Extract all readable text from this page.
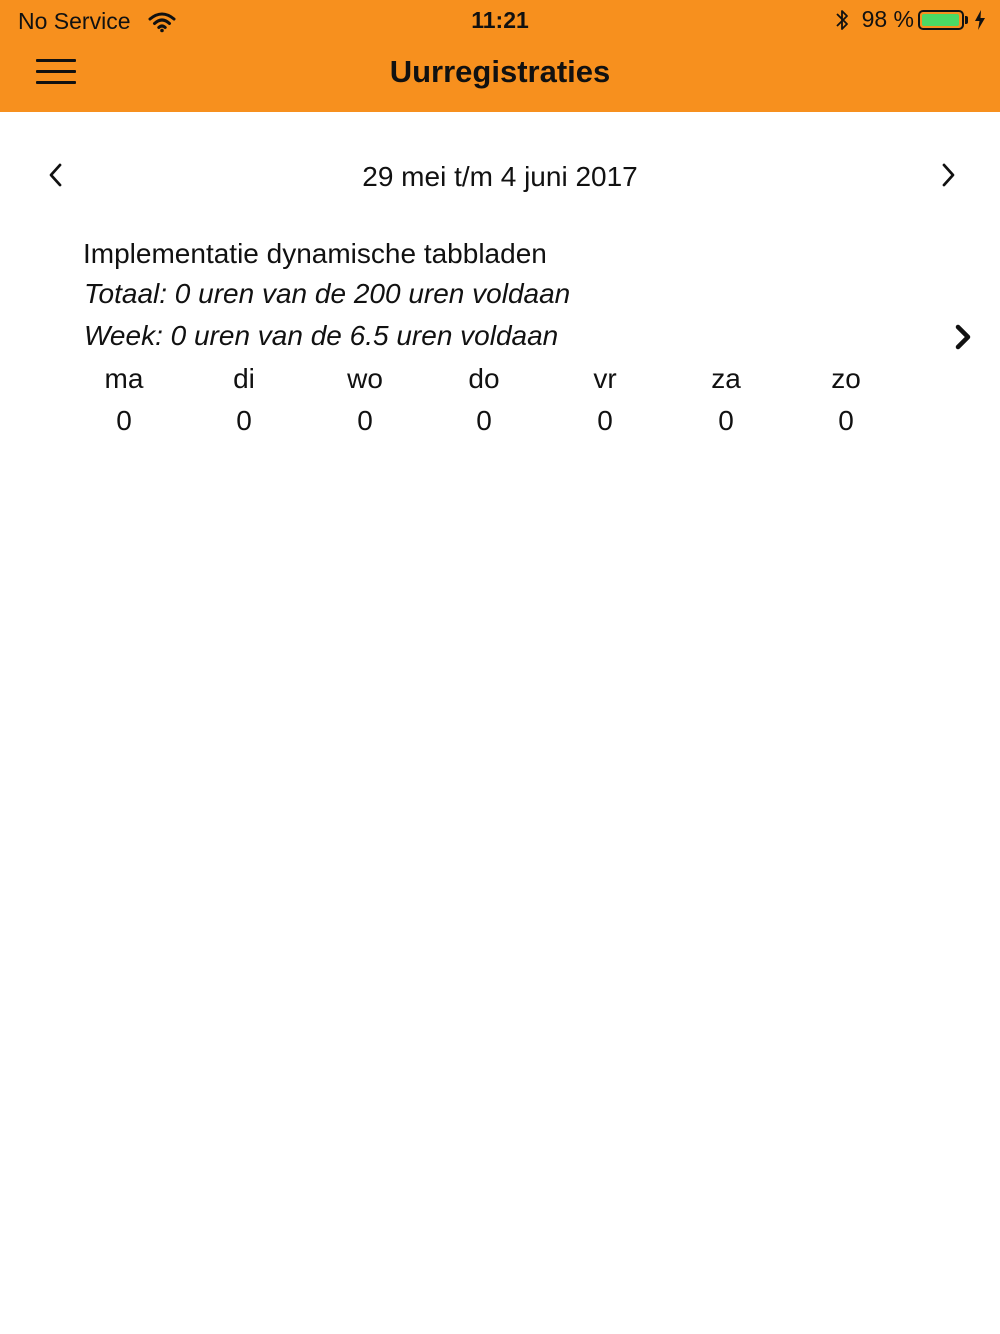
No Service	11:21	98 %
Uurregistraties
29 mei t/m 4 juni 2017
Implementatie dynamische tabbladen
Totaal: 0 uren van de 200 uren voldaan
Week: 0 uren van de 6.5 uren voldaan
ma
0
di
0
wo
0
do
0
vr
0
za
0
zo
0
